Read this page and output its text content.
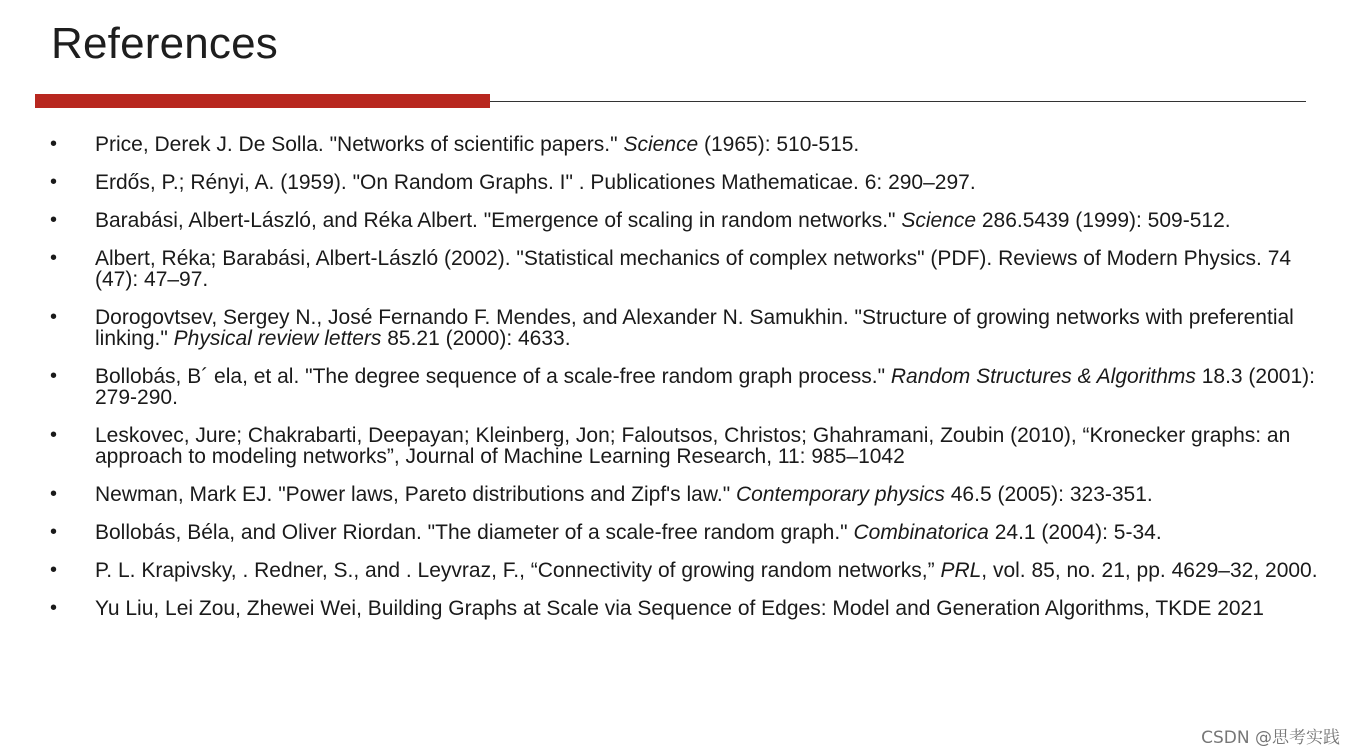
References
• Price, Derek J. De Solla. "Networks of scientific papers." Science (1965): 510-515.
• Erdős, P.; Rényi, A. (1959). "On Random Graphs. I" . Publicationes Mathematicae. 6: 290–297.
• Barabási, Albert-László, and Réka Albert. "Emergence of scaling in random networks." Science 286.5439 (1999): 509-512.
• Albert, Réka; Barabási, Albert-László (2002). "Statistical mechanics of complex networks" (PDF). Reviews of Modern Physics. 74 (47): 47–97.
• Dorogovtsev, Sergey N., José Fernando F. Mendes, and Alexander N. Samukhin. "Structure of growing networks with preferential linking." Physical review letters 85.21 (2000): 4633.
• Bollobás, B´ ela, et al. "The degree sequence of a scale-free random graph process." Random Structures & Algorithms 18.3 (2001): 279-290.
• Leskovec, Jure; Chakrabarti, Deepayan; Kleinberg, Jon; Faloutsos, Christos; Ghahramani, Zoubin (2010), “Kronecker graphs: an approach to modeling networks”, Journal of Machine Learning Research, 11: 985–1042
• Newman, Mark EJ. "Power laws, Pareto distributions and Zipf's law." Contemporary physics 46.5 (2005): 323-351.
• Bollobás, Béla, and Oliver Riordan. "The diameter of a scale-free random graph." Combinatorica 24.1 (2004): 5-34.
• P. L. Krapivsky, . Redner, S., and . Leyvraz, F., “Connectivity of growing random networks,” PRL, vol. 85, no. 21, pp. 4629–32, 2000.
• Yu Liu, Lei Zou, Zhewei Wei, Building Graphs at Scale via Sequence of Edges: Model and Generation Algorithms, TKDE 2021
CSDN @思考实践
